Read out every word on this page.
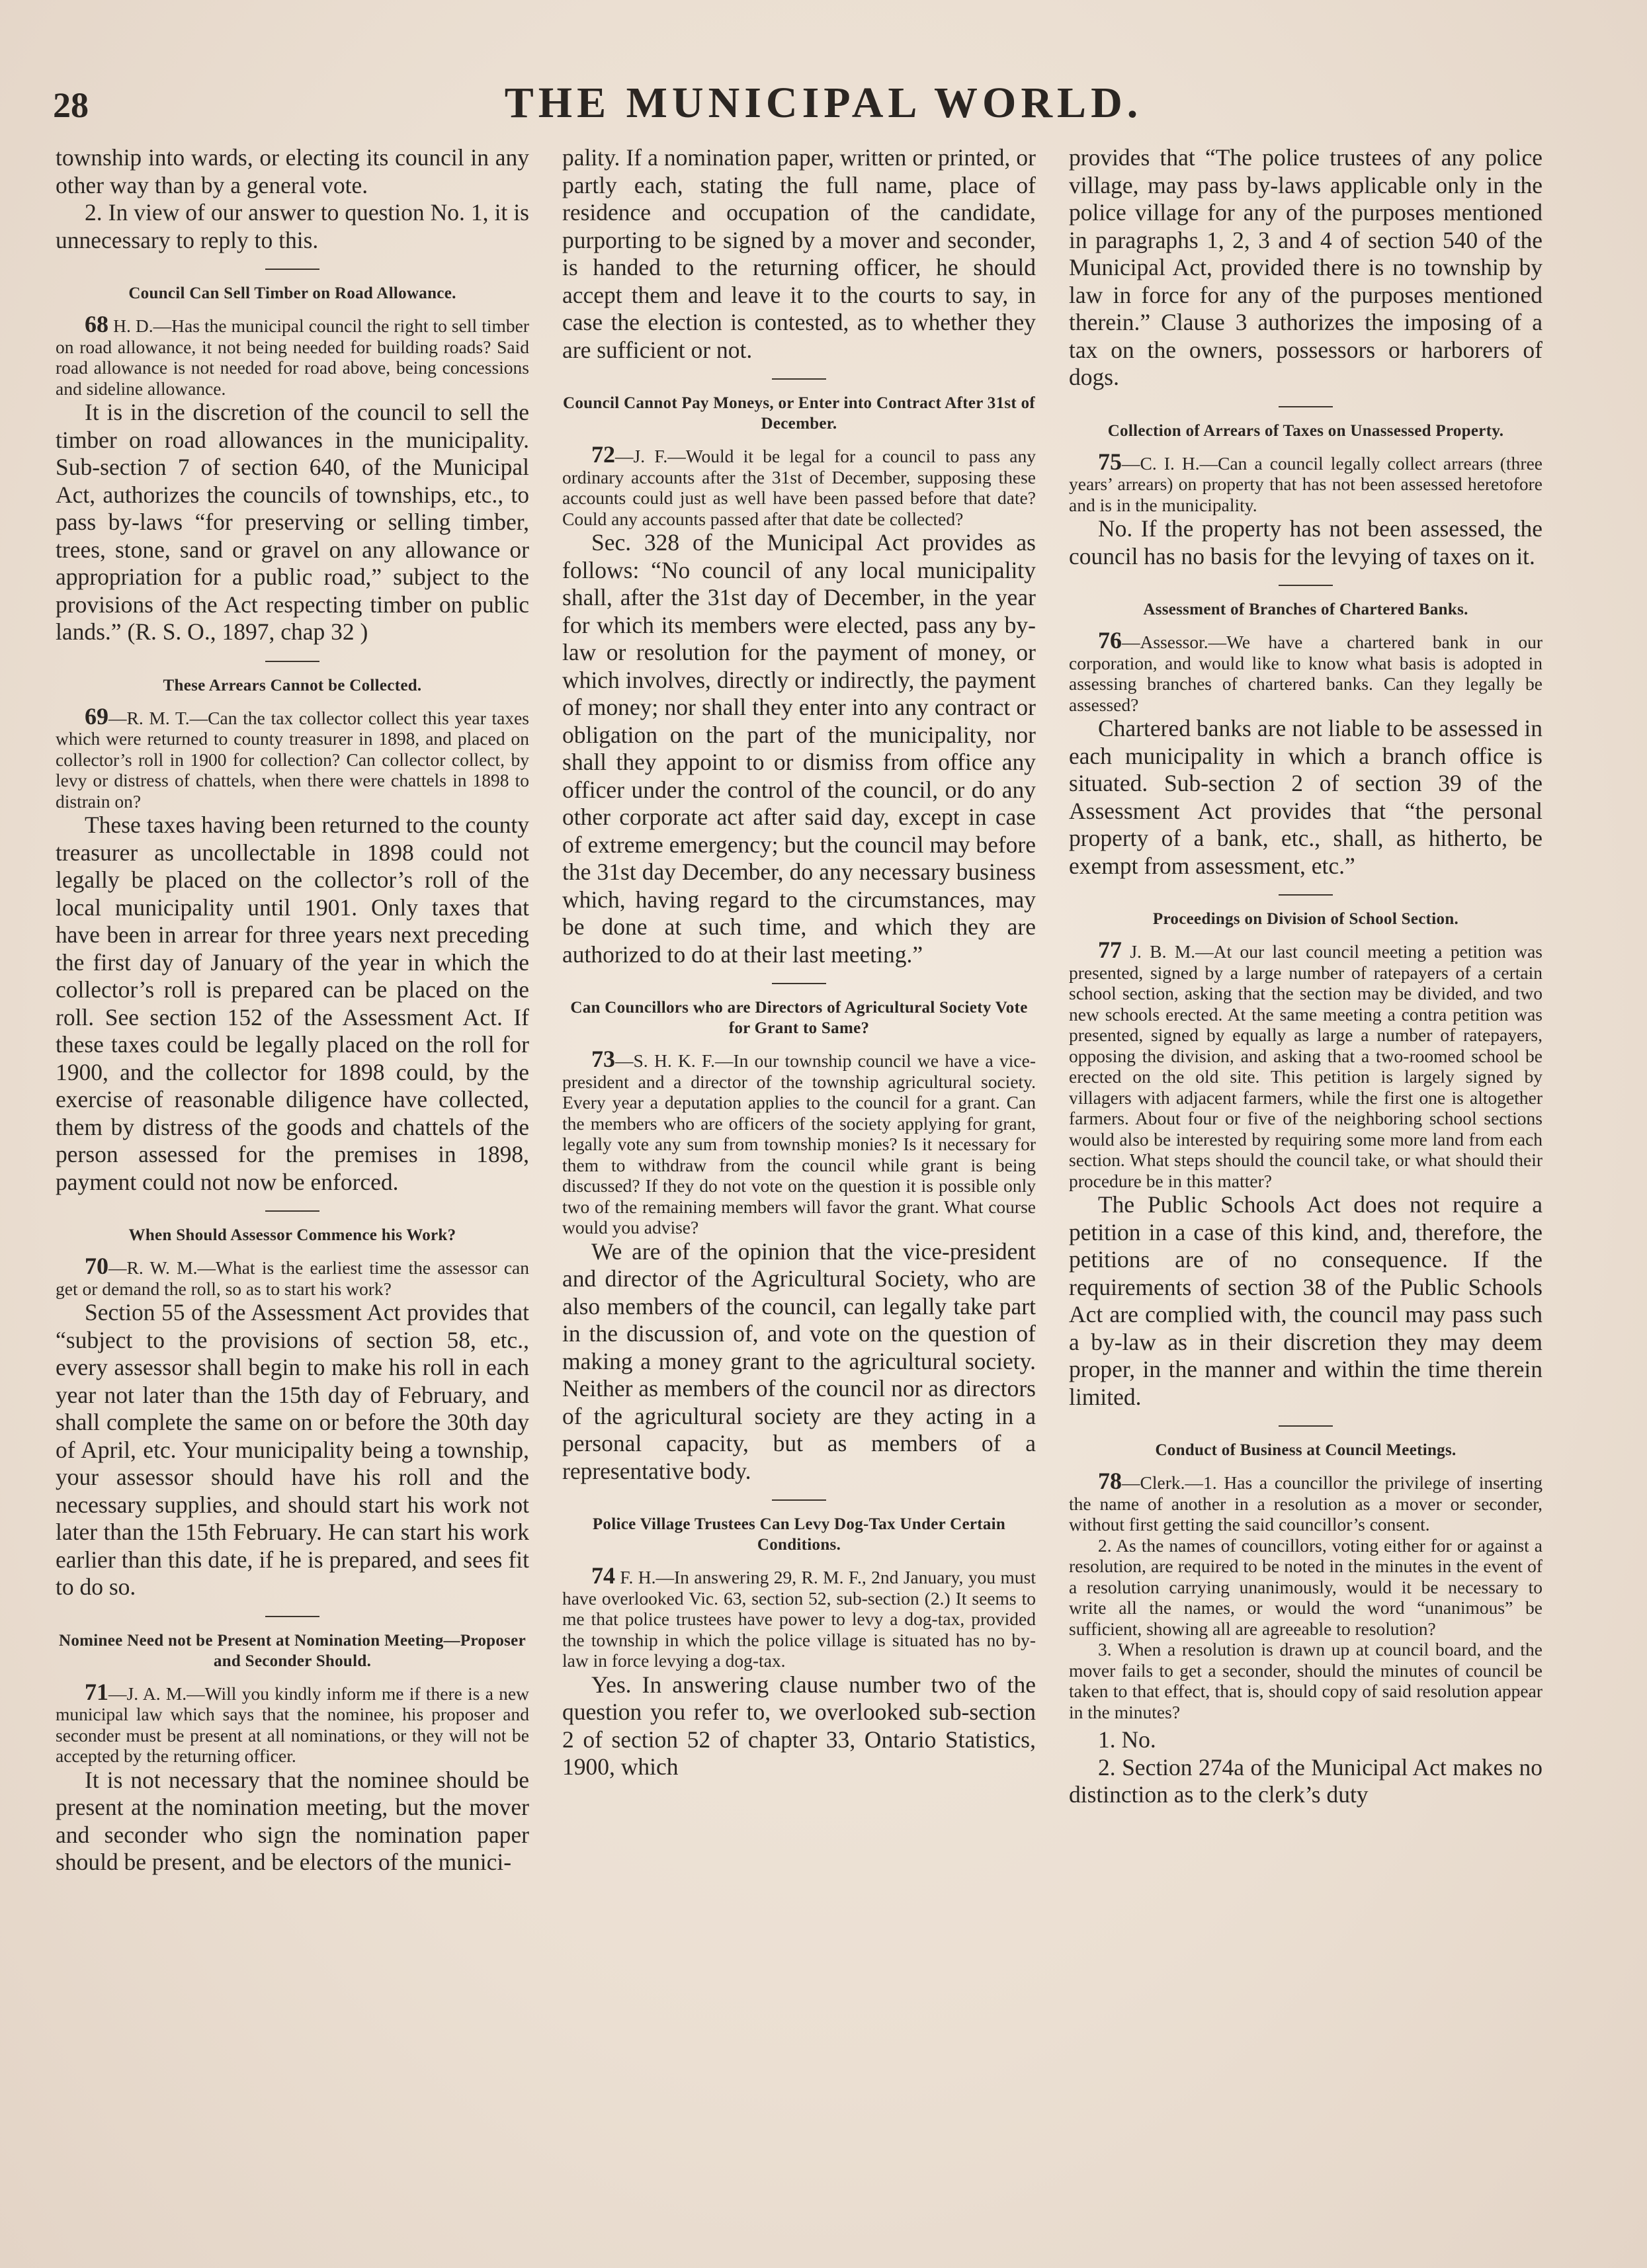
28	THE MUNICIPAL WORLD.

township into wards, or electing its council in any other way than by a general vote.

2. In view of our answer to question No. 1, it is unnecessary to reply to this.

Council Can Sell Timber on Road Allowance.

68 H. D.—Has the municipal council the right to sell timber on road allowance, it not being needed for building roads? Said road allowance is not needed for road above, being concessions and sideline allowance.

It is in the discretion of the council to sell the timber on road allowances in the municipality. Sub-section 7 of section 640, of the Municipal Act, authorizes the councils of townships, etc., to pass by-laws “for preserving or selling timber, trees, stone, sand or gravel on any allowance or appropriation for a public road,” subject to the provisions of the Act respecting timber on public lands.” (R. S. O., 1897, chap 32 )

These Arrears Cannot be Collected.

69—R. M. T.—Can the tax collector collect this year taxes which were returned to county treasurer in 1898, and placed on collector’s roll in 1900 for collection? Can collector collect, by levy or distress of chattels, when there were chattels in 1898 to distrain on?

These taxes having been returned to the county treasurer as uncollectable in 1898 could not legally be placed on the collector’s roll of the local municipality until 1901. Only taxes that have been in arrear for three years next preceding the first day of January of the year in which the collector’s roll is prepared can be placed on the roll. See section 152 of the Assessment Act. If these taxes could be legally placed on the roll for 1900, and the collector for 1898 could, by the exercise of reasonable diligence have collected, them by distress of the goods and chattels of the person assessed for the premises in 1898, payment could not now be enforced.

When Should Assessor Commence his Work?

70—R. W. M.—What is the earliest time the assessor can get or demand the roll, so as to start his work?

Section 55 of the Assessment Act provides that “subject to the provisions of section 58, etc., every assessor shall begin to make his roll in each year not later than the 15th day of February, and shall complete the same on or before the 30th day of April, etc. Your municipality being a township, your assessor should have his roll and the necessary supplies, and should start his work not later than the 15th February. He can start his work earlier than this date, if he is prepared, and sees fit to do so.

Nominee Need not be Present at Nomination Meeting—Proposer and Seconder Should.

71—J. A. M.—Will you kindly inform me if there is a new municipal law which says that the nominee, his proposer and seconder must be present at all nominations, or they will not be accepted by the returning officer.

It is not necessary that the nominee should be present at the nomination meeting, but the mover and seconder who sign the nomination paper should be present, and be electors of the munici-

pality. If a nomination paper, written or printed, or partly each, stating the full name, place of residence and occupation of the candidate, purporting to be signed by a mover and seconder, is handed to the returning officer, he should accept them and leave it to the courts to say, in case the election is contested, as to whether they are sufficient or not.

Council Cannot Pay Moneys, or Enter into Contract After 31st of December.

72—J. F.—Would it be legal for a council to pass any ordinary accounts after the 31st of December, supposing these accounts could just as well have been passed before that date? Could any accounts passed after that date be collected?

Sec. 328 of the Municipal Act provides as follows: “No council of any local municipality shall, after the 31st day of December, in the year for which its members were elected, pass any by-law or resolution for the payment of money, or which involves, directly or indirectly, the payment of money; nor shall they enter into any contract or obligation on the part of the municipality, nor shall they appoint to or dismiss from office any officer under the control of the council, or do any other corporate act after said day, except in case of extreme emergency; but the council may before the 31st day December, do any necessary business which, having regard to the circumstances, may be done at such time, and which they are authorized to do at their last meeting.”

Can Councillors who are Directors of Agricultural Society Vote for Grant to Same?

73—S. H. K. F.—In our township council we have a vice-president and a director of the township agricultural society. Every year a deputation applies to the council for a grant. Can the members who are officers of the society applying for grant, legally vote any sum from township monies? Is it necessary for them to withdraw from the council while grant is being discussed? If they do not vote on the question it is possible only two of the remaining members will favor the grant. What course would you advise?

We are of the opinion that the vice-president and director of the Agricultural Society, who are also members of the council, can legally take part in the discussion of, and vote on the question of making a money grant to the agricultural society. Neither as members of the council nor as directors of the agricultural society are they acting in a personal capacity, but as members of a representative body.

Police Village Trustees Can Levy Dog-Tax Under Certain Conditions.

74 F. H.—In answering 29, R. M. F., 2nd January, you must have overlooked Vic. 63, section 52, sub-section (2.) It seems to me that police trustees have power to levy a dog-tax, provided the township in which the police village is situated has no by-law in force levying a dog-tax.

Yes. In answering clause number two of the question you refer to, we overlooked sub-section 2 of section 52 of chapter 33, Ontario Statistics, 1900, which

provides that “The police trustees of any police village, may pass by-laws applicable only in the police village for any of the purposes mentioned in paragraphs 1, 2, 3 and 4 of section 540 of the Municipal Act, provided there is no township by law in force for any of the purposes mentioned therein.” Clause 3 authorizes the imposing of a tax on the owners, possessors or harborers of dogs.

Collection of Arrears of Taxes on Unassessed Property.

75—C. I. H.—Can a council legally collect arrears (three years’ arrears) on property that has not been assessed heretofore and is in the municipality.

No. If the property has not been assessed, the council has no basis for the levying of taxes on it.

Assessment of Branches of Chartered Banks.

76—Assessor.—We have a chartered bank in our corporation, and would like to know what basis is adopted in assessing branches of chartered banks. Can they legally be assessed?

Chartered banks are not liable to be assessed in each municipality in which a branch office is situated. Sub-section 2 of section 39 of the Assessment Act provides that “the personal property of a bank, etc., shall, as hitherto, be exempt from assessment, etc.”

Proceedings on Division of School Section.

77 J. B. M.—At our last council meeting a petition was presented, signed by a large number of ratepayers of a certain school section, asking that the section may be divided, and two new schools erected. At the same meeting a contra petition was presented, signed by equally as large a number of ratepayers, opposing the division, and asking that a two-roomed school be erected on the old site. This petition is largely signed by villagers with adjacent farmers, while the first one is altogether farmers. About four or five of the neighboring school sections would also be interested by requiring some more land from each section. What steps should the council take, or what should their procedure be in this matter?

The Public Schools Act does not require a petition in a case of this kind, and, therefore, the petitions are of no consequence. If the requirements of section 38 of the Public Schools Act are complied with, the council may pass such a by-law as in their discretion they may deem proper, in the manner and within the time therein limited.

Conduct of Business at Council Meetings.

78—Clerk.—1. Has a councillor the privilege of inserting the name of another in a resolution as a mover or seconder, without first getting the said councillor’s consent.

2. As the names of councillors, voting either for or against a resolution, are required to be noted in the minutes in the event of a resolution carrying unanimously, would it be necessary to write all the names, or would the word “unanimous” be sufficient, showing all are agreeable to resolution?

3. When a resolution is drawn up at council board, and the mover fails to get a seconder, should the minutes of council be taken to that effect, that is, should copy of said resolution appear in the minutes?

1. No.

2. Section 274a of the Municipal Act makes no distinction as to the clerk’s duty
